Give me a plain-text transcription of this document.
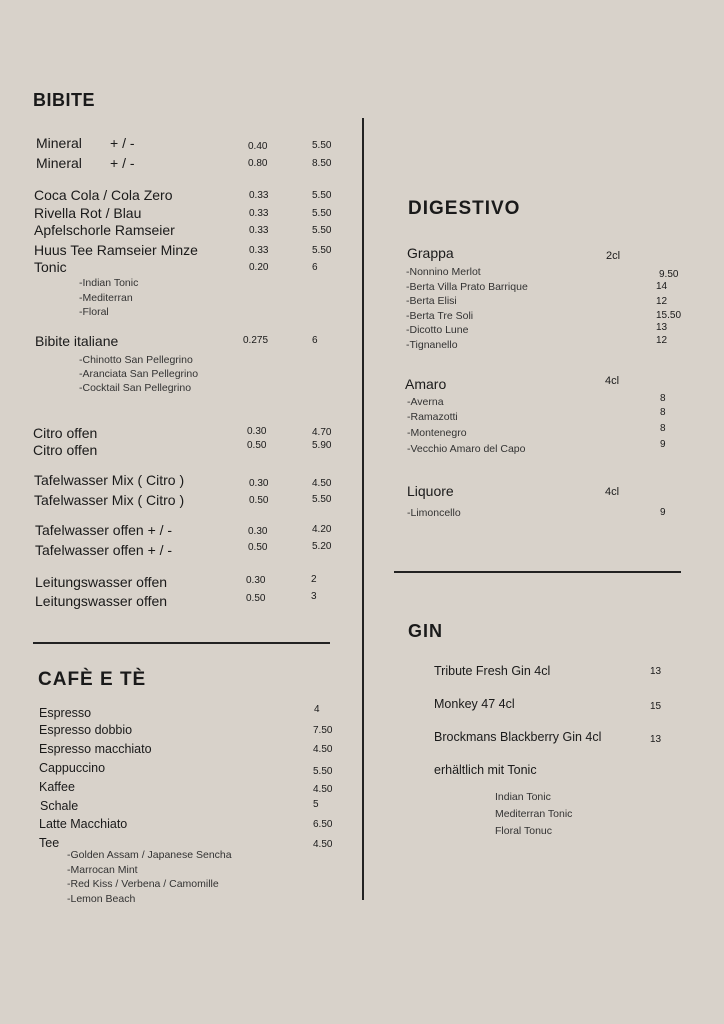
BIBITE
Mineral + / -	0.40	5.50
Mineral + / -	0.80	8.50
Coca Cola / Cola Zero	0.33	5.50
Rivella Rot / Blau	0.33	5.50
Apfelschorle Ramseier	0.33	5.50
Huus Tee Ramseier Minze	0.33	5.50
Tonic	0.20	6
-Indian Tonic
-Mediterran
-Floral
Bibite italiane	0.275	6
-Chinotto San Pellegrino
-Aranciata San Pellegrino
-Cocktail San Pellegrino
Citro offen	0.30	4.70
Citro offen	0.50	5.90
Tafelwasser Mix ( Citro )	0.30	4.50
Tafelwasser Mix ( Citro )	0.50	5.50
Tafelwasser offen + / -	0.30	4.20
Tafelwasser offen + / -	0.50	5.20
Leitungswasser offen	0.30	2
Leitungswasser offen	0.50	3
CAFÈ E TÈ
Espresso	4
Espresso dobbio	7.50
Espresso macchiato	4.50
Cappuccino	5.50
Kaffee	4.50
Schale	5
Latte Macchiato	6.50
Tee	4.50
-Golden Assam / Japanese Sencha
-Marrocan Mint
-Red Kiss / Verbena / Camomille
-Lemon Beach
DIGESTIVO
Grappa	2cl
-Nonnino Merlot	9.50
-Berta Villa Prato Barrique	14
-Berta Elisi	12
-Berta Tre Soli	15.50
-Dicotto Lune	13
-Tignanello	12
Amaro	4cl
-Averna	8
-Ramazotti	8
-Montenegro	8
-Vecchio Amaro del Capo	9
Liquore	4cl
-Limoncello	9
GIN
Tribute Fresh Gin 4cl	13
Monkey 47 4cl	15
Brockmans Blackberry Gin 4cl	13
erhältlich mit Tonic
Indian Tonic
Mediterran Tonic
Floral Tonuc
